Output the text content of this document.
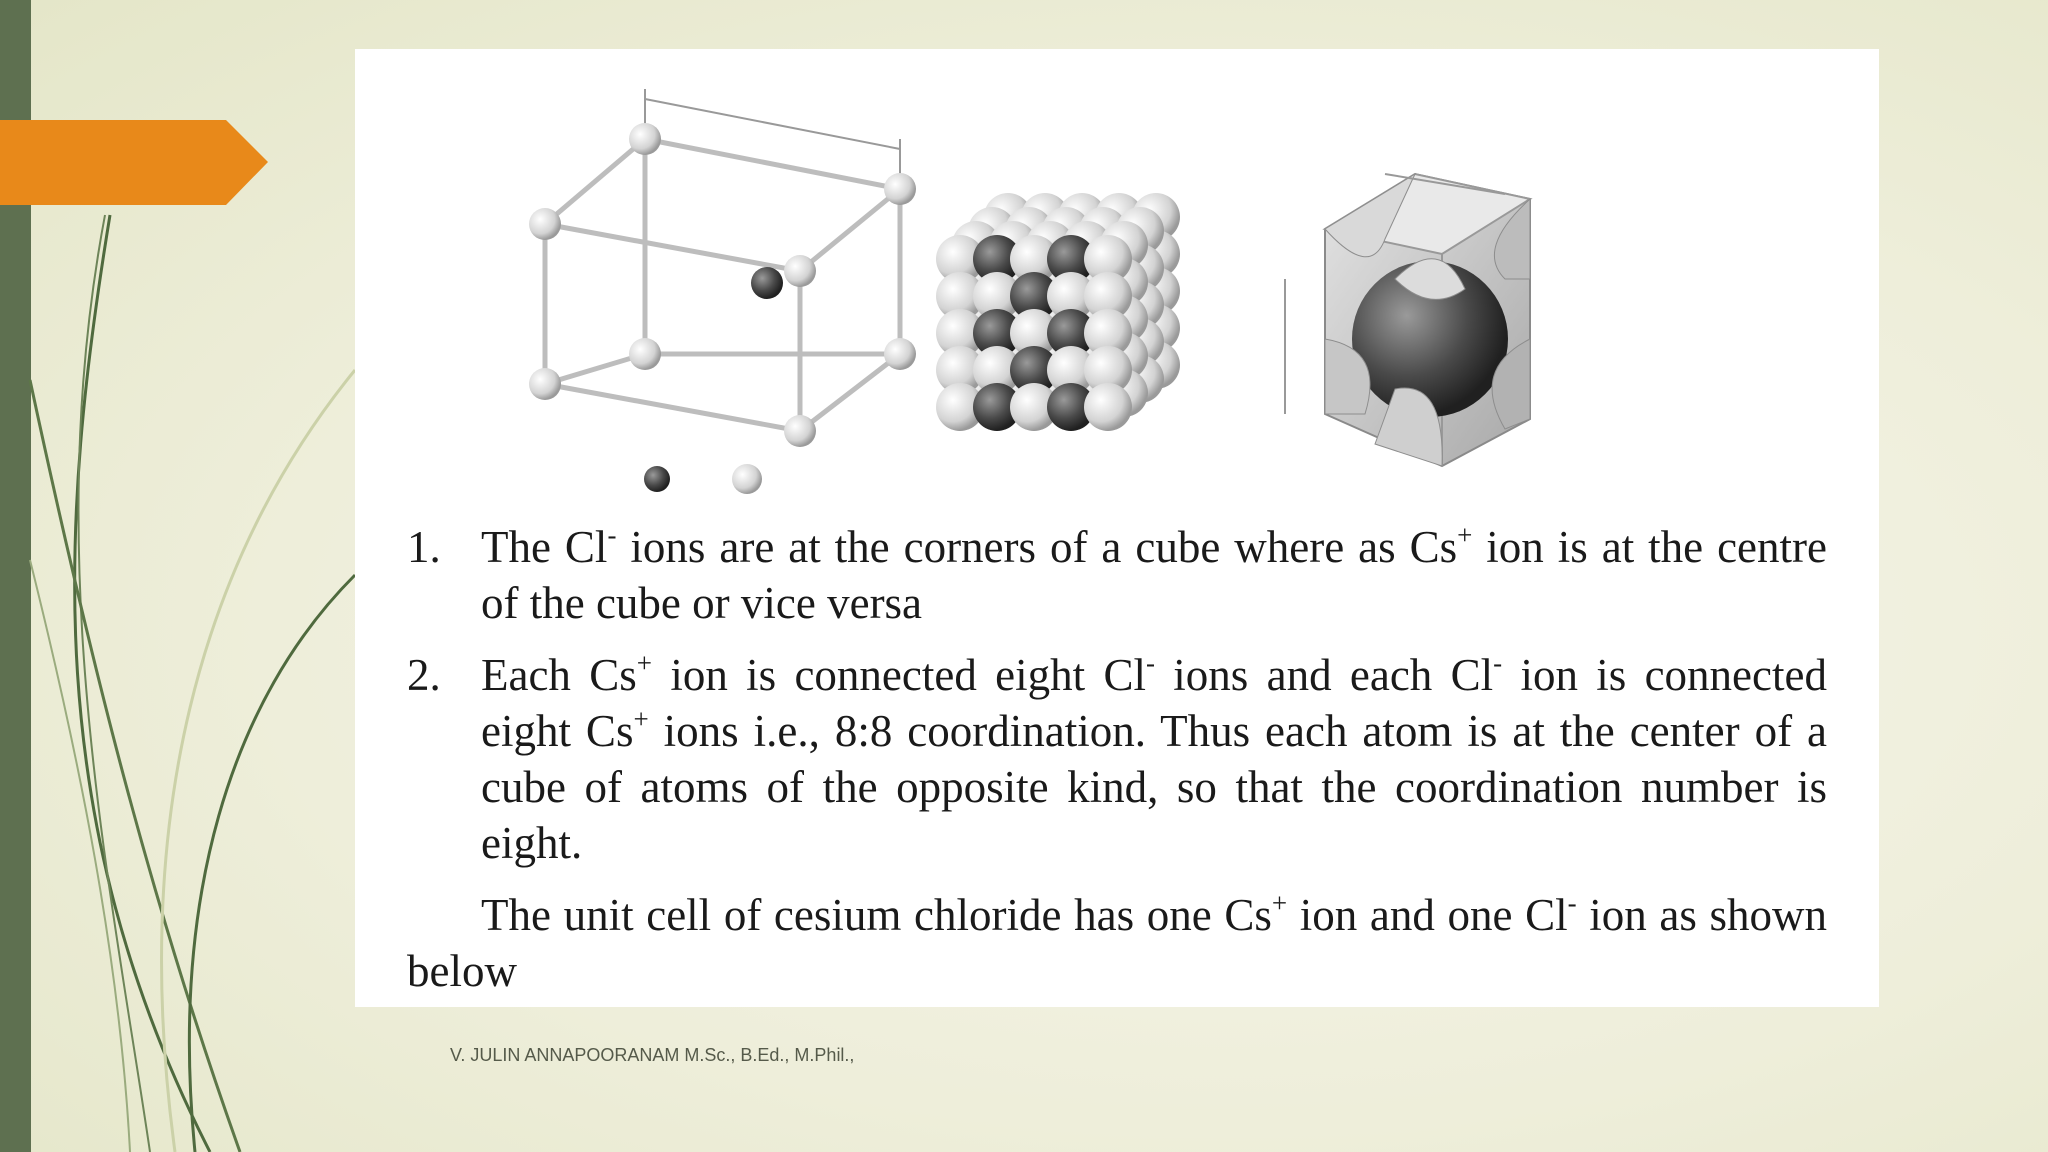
1. The Cl- ions are at the corners of a cube where as Cs+ ion is at the centre of the cube or vice versa
2. Each Cs+ ion is connected eight Cl- ions and each Cl- ion is connected eight Cs+ ions i.e., 8:8 coordination. Thus each atom is at the center of a cube of atoms of the opposite kind, so that the coordination number is eight.
The unit cell of cesium chloride has one Cs+ ion and one Cl- ion as shown below
V. JULIN ANNAPOORANAM M.Sc., B.Ed., M.Phil.,
